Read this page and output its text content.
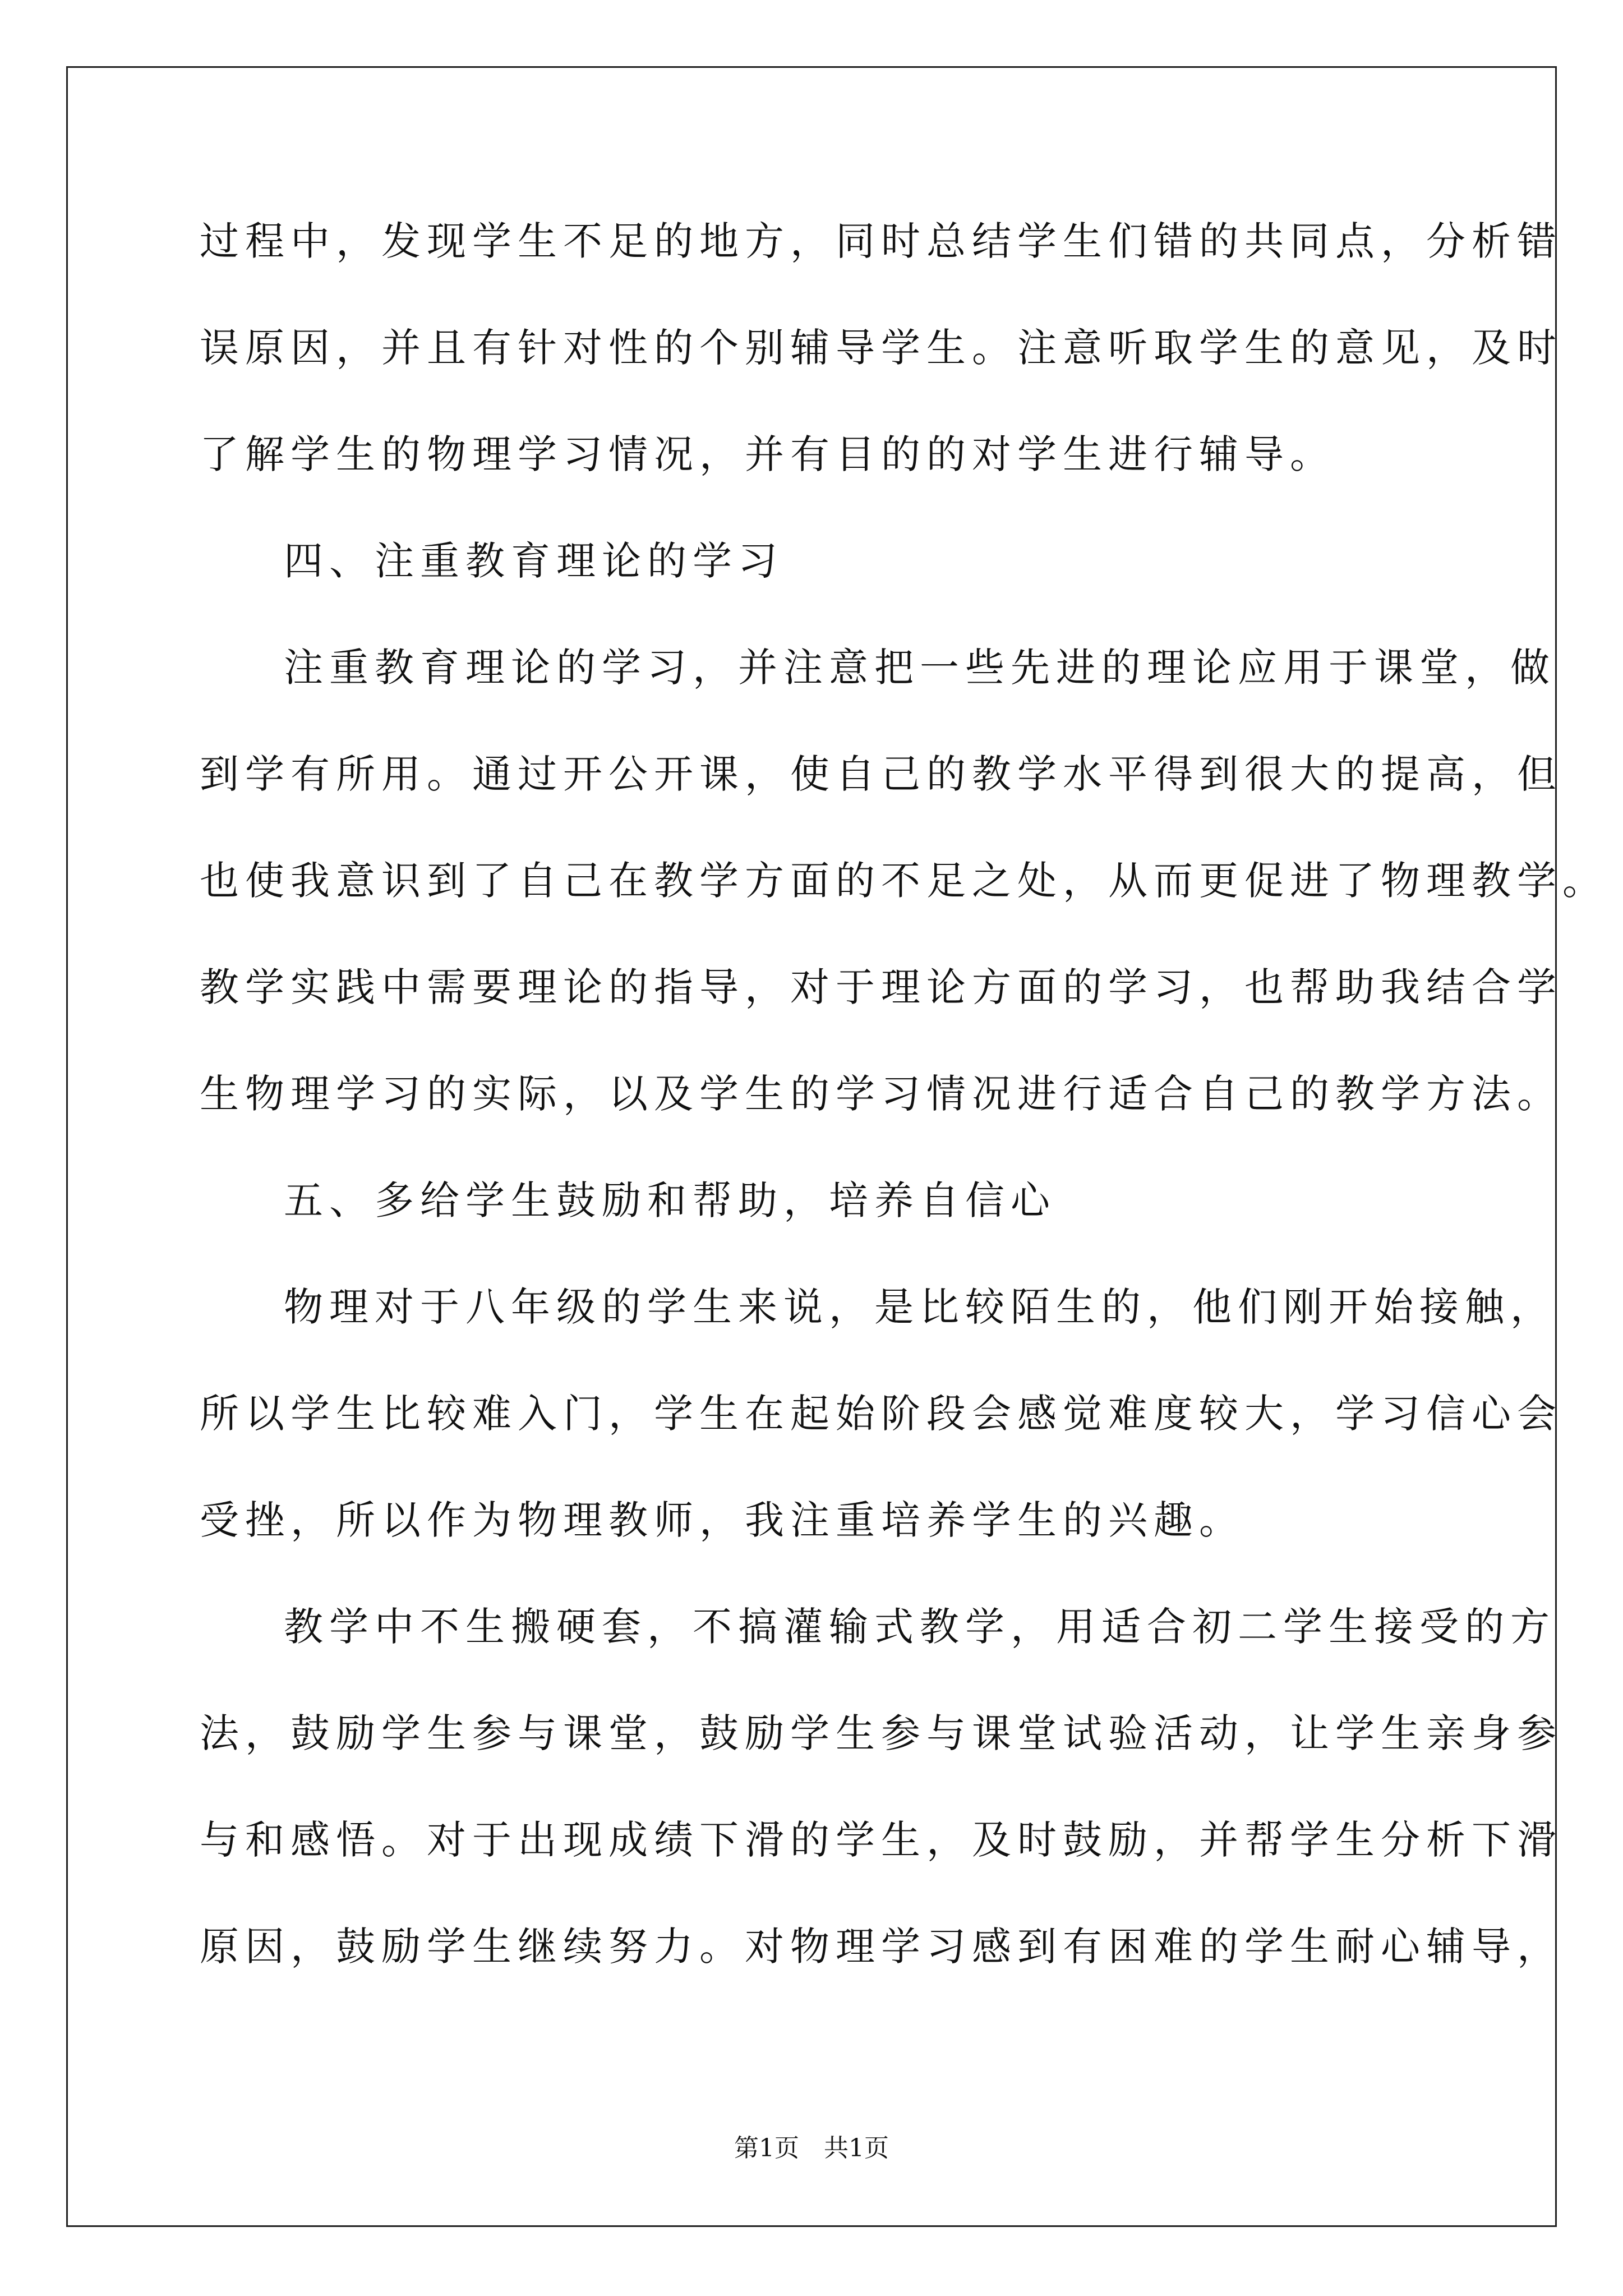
过程中，发现学生不足的地方，同时总结学生们错的共同点，分析错
误原因，并且有针对性的个别辅导学生。注意听取学生的意见，及时
了解学生的物理学习情况，并有目的的对学生进行辅导。
四、注重教育理论的学习
注重教育理论的学习，并注意把一些先进的理论应用于课堂，做
到学有所用。通过开公开课，使自己的教学水平得到很大的提高，但
也使我意识到了自己在教学方面的不足之处，从而更促进了物理教学。
教学实践中需要理论的指导，对于理论方面的学习，也帮助我结合学
生物理学习的实际，以及学生的学习情况进行适合自己的教学方法。
五、多给学生鼓励和帮助，培养自信心
物理对于八年级的学生来说，是比较陌生的，他们刚开始接触，
所以学生比较难入门，学生在起始阶段会感觉难度较大，学习信心会
受挫，所以作为物理教师，我注重培养学生的兴趣。
教学中不生搬硬套，不搞灌输式教学，用适合初二学生接受的方
法，鼓励学生参与课堂，鼓励学生参与课堂试验活动，让学生亲身参
与和感悟。对于出现成绩下滑的学生，及时鼓励，并帮学生分析下滑
原因，鼓励学生继续努力。对物理学习感到有困难的学生耐心辅导，
第1页 共1页
